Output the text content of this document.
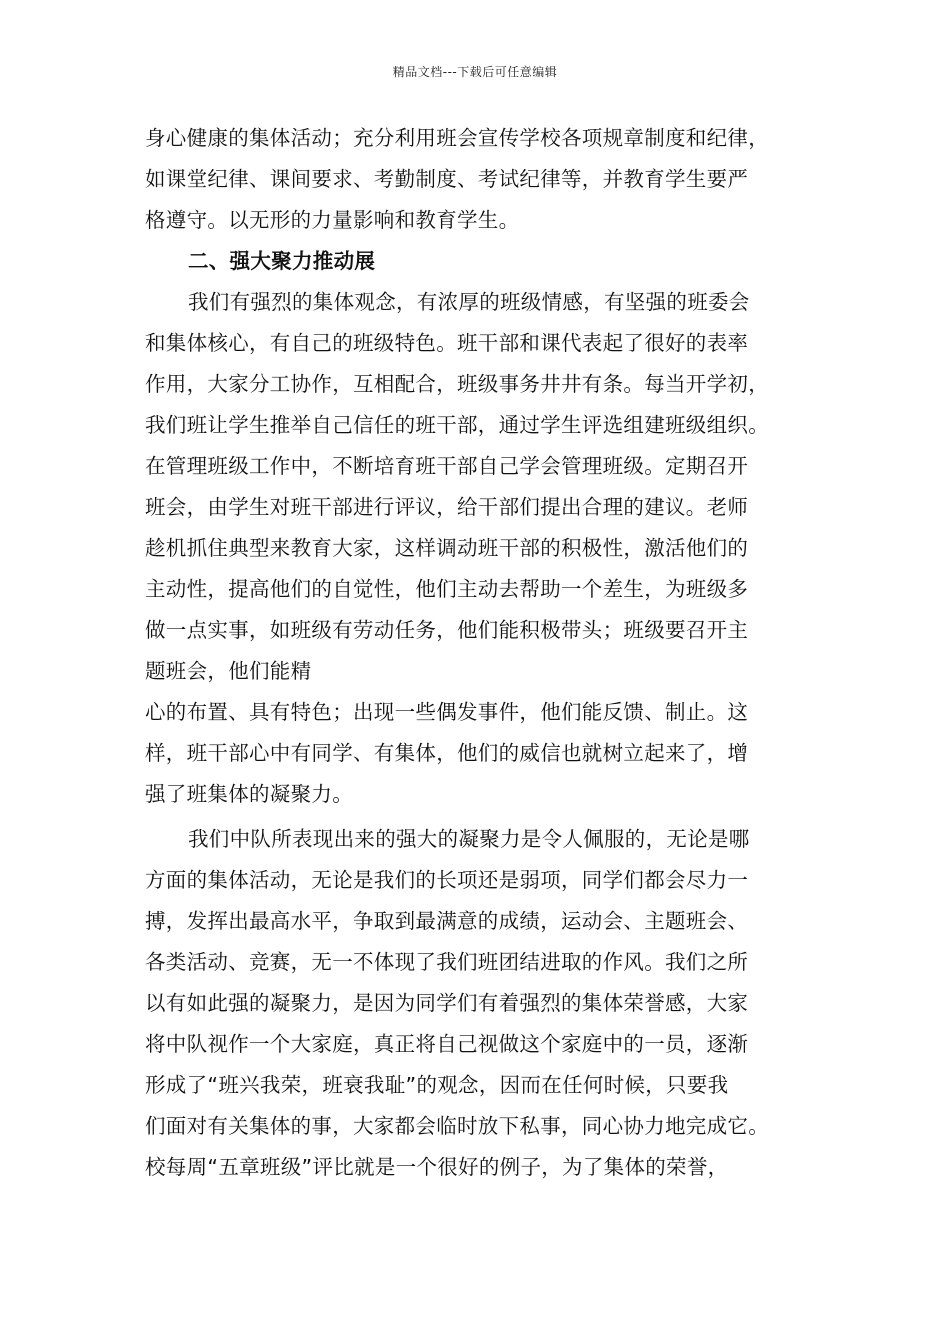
精品文档---下载后可任意编辑
身心健康的集体活动；充分利用班会宣传学校各项规章制度和纪律，
如课堂纪律、课间要求、考勤制度、考试纪律等，并教育学生要严
格遵守。以无形的力量影响和教育学生。
二、强大聚力推动展
我们有强烈的集体观念，有浓厚的班级情感，有坚强的班委会
和集体核心，有自己的班级特色。班干部和课代表起了很好的表率
作用，大家分工协作，互相配合，班级事务井井有条。每当开学初，
我们班让学生推举自己信任的班干部，通过学生评选组建班级组织。
在管理班级工作中，不断培育班干部自己学会管理班级。定期召开
班会，由学生对班干部进行评议，给干部们提出合理的建议。老师
趁机抓住典型来教育大家，这样调动班干部的积极性，激活他们的
主动性，提高他们的自觉性，他们主动去帮助一个差生，为班级多
做一点实事，如班级有劳动任务，他们能积极带头；班级要召开主
题班会，他们能精
心的布置、具有特色；出现一些偶发事件，他们能反馈、制止。这
样，班干部心中有同学、有集体，他们的威信也就树立起来了，增
强了班集体的凝聚力。
我们中队所表现出来的强大的凝聚力是令人佩服的，无论是哪
方面的集体活动，无论是我们的长项还是弱项，同学们都会尽力一
搏，发挥出最高水平，争取到最满意的成绩，运动会、主题班会、
各类活动、竞赛，无一不体现了我们班团结进取的作风。我们之所
以有如此强的凝聚力，是因为同学们有着强烈的集体荣誉感，大家
将中队视作一个大家庭，真正将自己视做这个家庭中的一员，逐渐
形成了“班兴我荣，班衰我耻”的观念，因而在任何时候，只要我
们面对有关集体的事，大家都会临时放下私事，同心协力地完成它。
校每周“五章班级”评比就是一个很好的例子，为了集体的荣誉，
